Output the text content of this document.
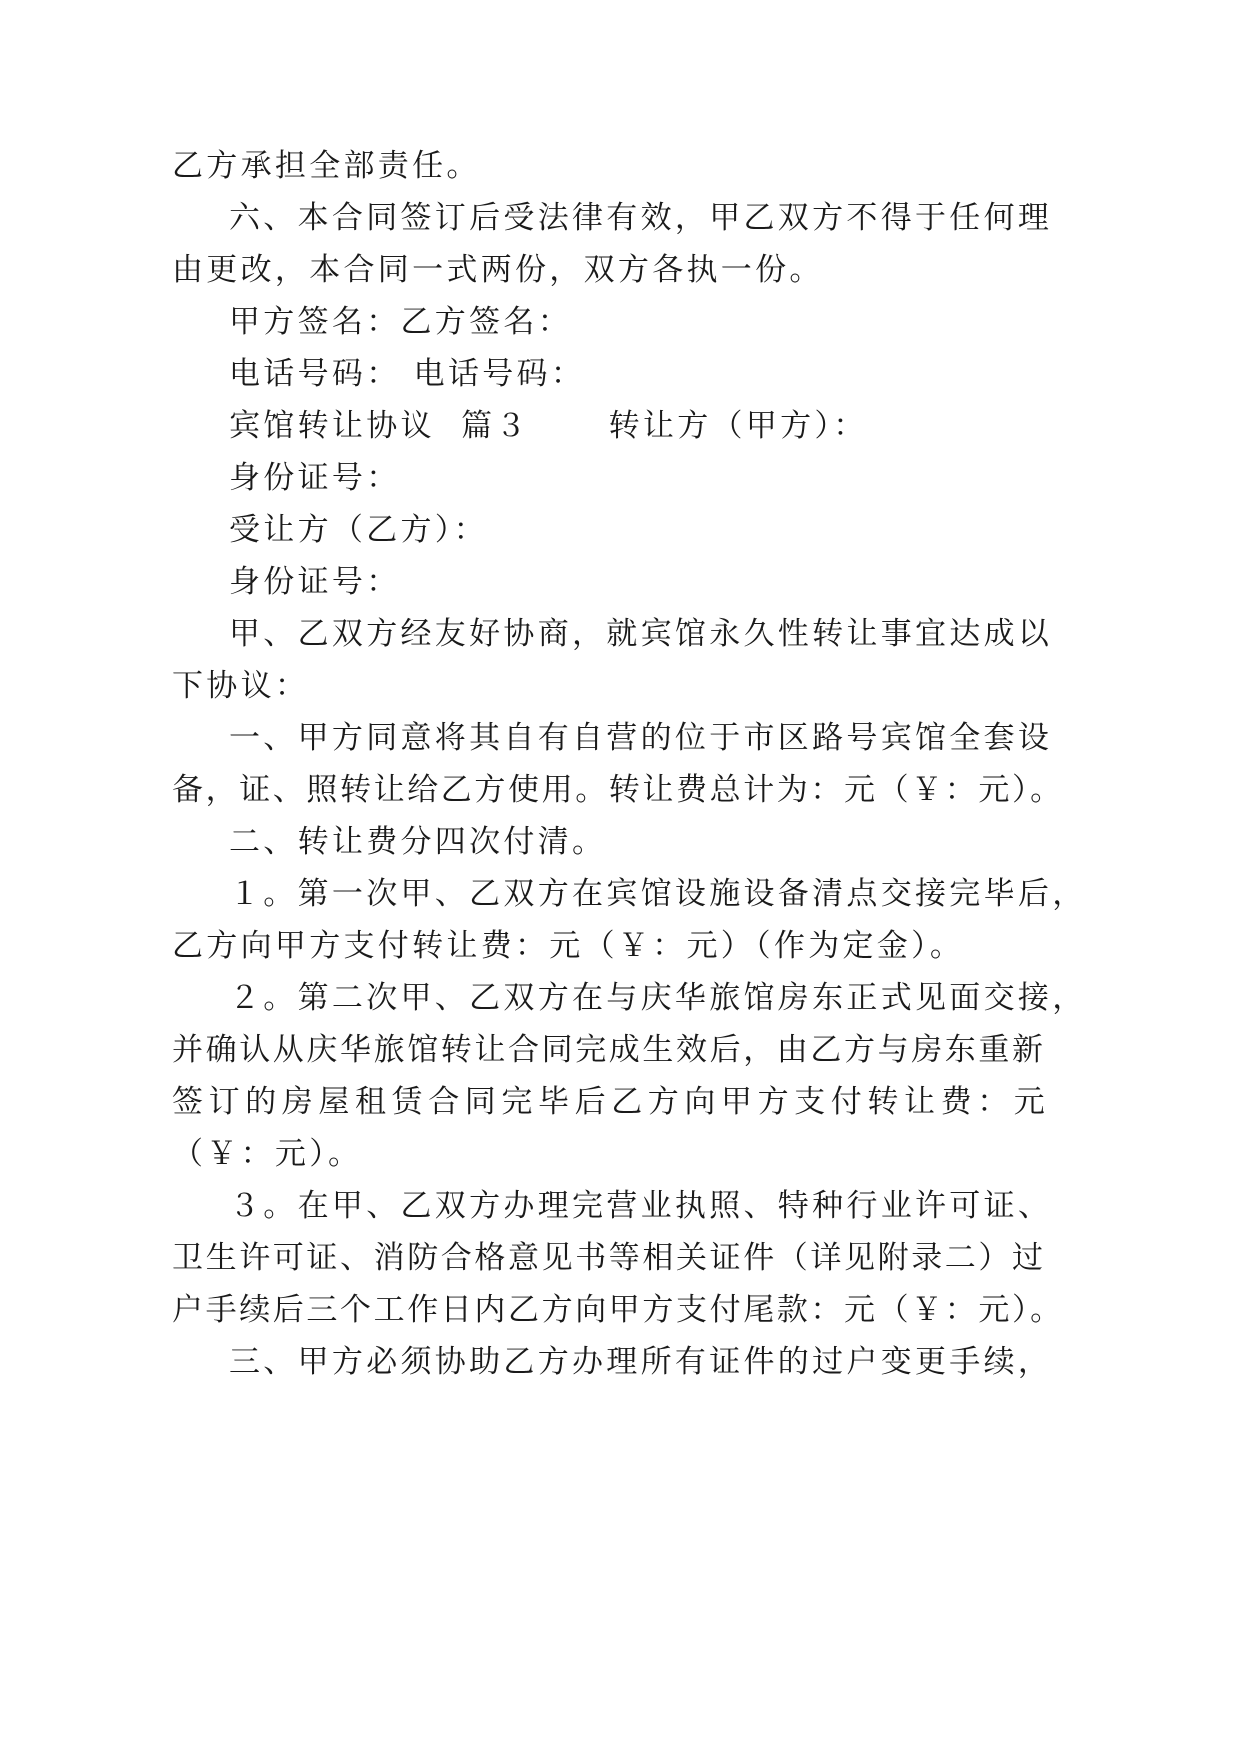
乙方承担全部责任。
六、本合同签订后受法律有效，甲乙双方不得于任何理
由更改，本合同一式两份，双方各执一份。
甲方签名：乙方签名：
电话号码： 电话号码：
宾馆转让协议  篇３      转让方（甲方）：
身份证号：
受让方（乙方）：
身份证号：
甲、乙双方经友好协商，就宾馆永久性转让事宜达成以
下协议：
一、甲方同意将其自有自营的位于市区路号宾馆全套设
备，证、照转让给乙方使用。转让费总计为：元（￥：元）。
二、转让费分四次付清。
１。第一次甲、乙双方在宾馆设施设备清点交接完毕后，
乙方向甲方支付转让费：元（￥：元）（作为定金）。
２。第二次甲、乙双方在与庆华旅馆房东正式见面交接，
并确认从庆华旅馆转让合同完成生效后，由乙方与房东重新
签订的房屋租赁合同完毕后乙方向甲方支付转让费：元
（￥：元）。
３。在甲、乙双方办理完营业执照、特种行业许可证、
卫生许可证、消防合格意见书等相关证件（详见附录二）过
户手续后三个工作日内乙方向甲方支付尾款：元（￥：元）。
三、甲方必须协助乙方办理所有证件的过户变更手续，
